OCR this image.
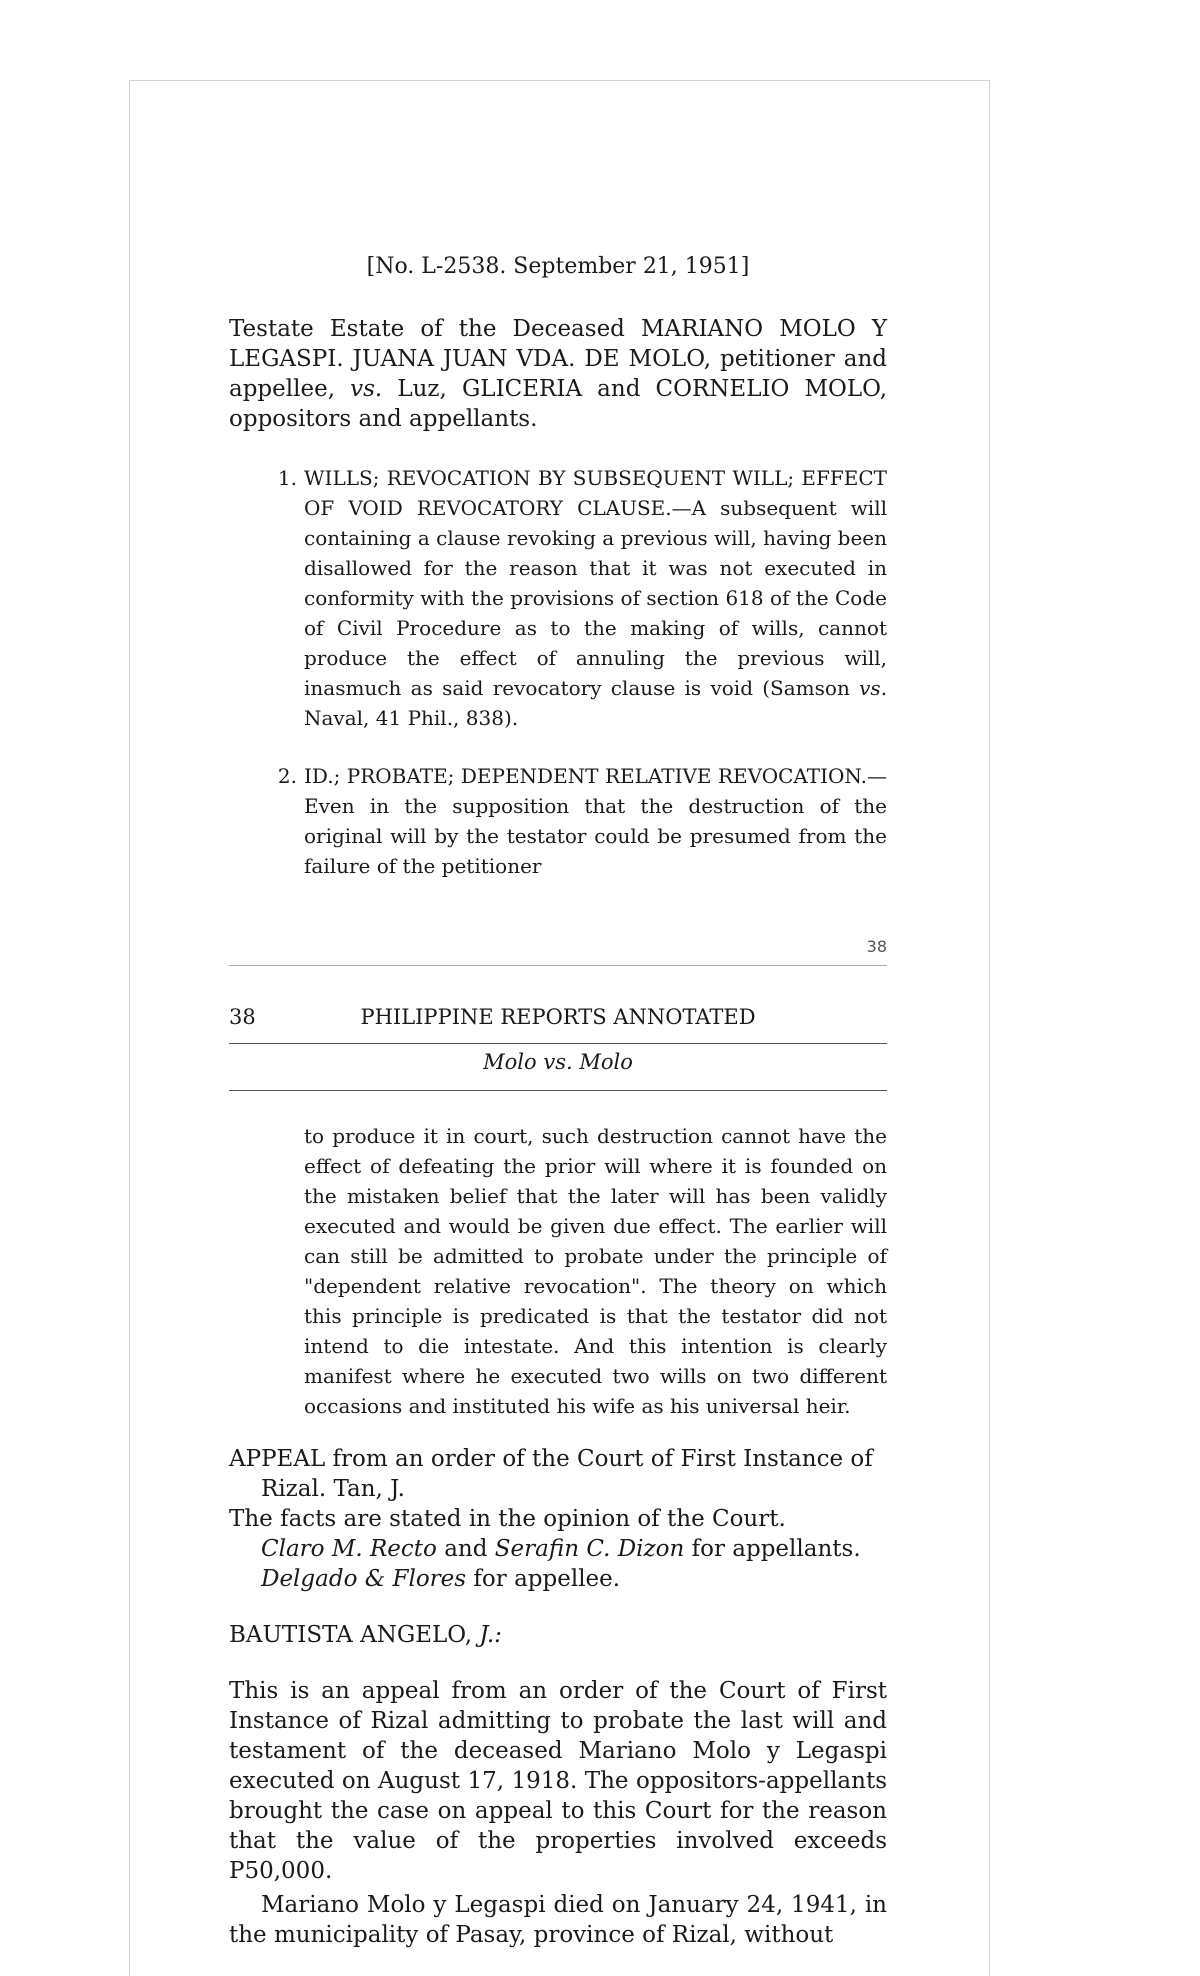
[No. L-2538. September 21, 1951]
Testate Estate of the Deceased MARIANO MOLO Y LEGASPI. JUANA JUAN VDA. DE MOLO, petitioner and appellee, vs. Luz, GLICERIA and CORNELIO MOLO, oppositors and appellants.
1. WILLS; REVOCATION BY SUBSEQUENT WILL; EFFECT OF VOID REVOCATORY CLAUSE.—A subsequent will containing a clause revoking a previous will, having been disallowed for the reason that it was not executed in conformity with the provisions of section 618 of the Code of Civil Procedure as to the making of wills, cannot produce the effect of annuling the previous will, inasmuch as said revocatory clause is void (Samson vs. Naval, 41 Phil., 838).
2. ID.; PROBATE; DEPENDENT RELATIVE REVOCATION.—Even in the supposition that the destruction of the original will by the testator could be presumed from the failure of the petitioner
38
38	PHILIPPINE REPORTS ANNOTATED
Molo vs. Molo
to produce it in court, such destruction cannot have the effect of defeating the prior will where it is founded on the mistaken belief that the later will has been validly executed and would be given due effect. The earlier will can still be admitted to probate under the principle of "dependent relative revocation". The theory on which this principle is predicated is that the testator did not intend to die intestate. And this intention is clearly manifest where he executed two wills on two different occasions and instituted his wife as his universal heir.
APPEAL from an order of the Court of First Instance of Rizal. Tan, J.
The facts are stated in the opinion of the Court.
Claro M. Recto and Serafin C. Dizon for appellants.
Delgado & Flores for appellee.
BAUTISTA ANGELO, J.:

This is an appeal from an order of the Court of First Instance of Rizal admitting to probate the last will and testament of the deceased Mariano Molo y Legaspi executed on August 17, 1918. The oppositors-appellants brought the case on appeal to this Court for the reason that the value of the properties involved exceeds P50,000.

Mariano Molo y Legaspi died on January 24, 1941, in the municipality of Pasay, province of Rizal, without
